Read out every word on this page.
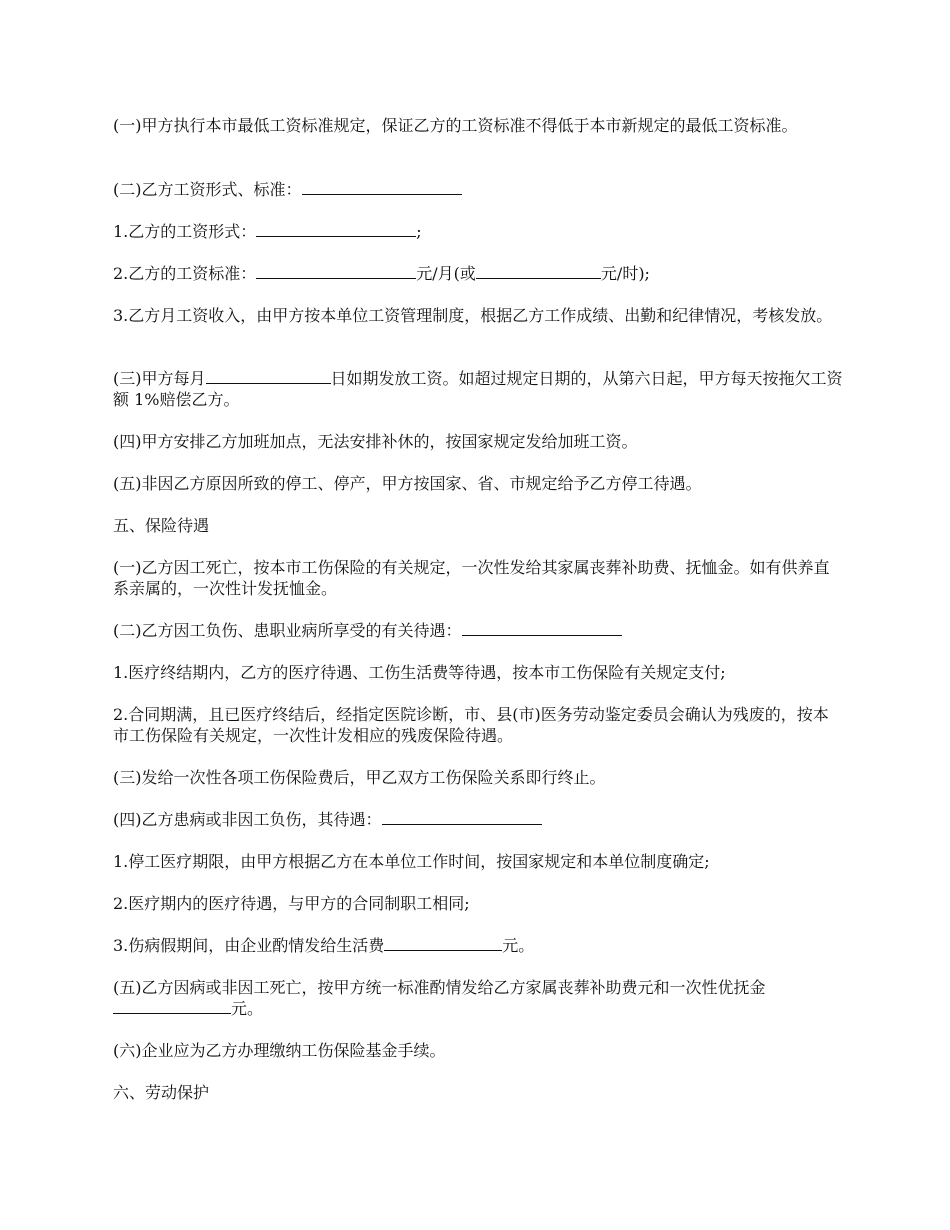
(一)甲方执行本市最低工资标准规定，保证乙方的工资标准不得低于本市新规定的最低工资标准。

(二)乙方工资形式、标准：

1.乙方的工资形式：	;

2.乙方的工资标准：	元/月(或	元/时);

3.乙方月工资收入，由甲方按本单位工资管理制度，根据乙方工作成绩、出勤和纪律情况，考核发放。

(三)甲方每月	日如期发放工资。如超过规定日期的，从第六日起，甲方每天按拖欠工资额 1%赔偿乙方。

(四)甲方安排乙方加班加点，无法安排补休的，按国家规定发给加班工资。

(五)非因乙方原因所致的停工、停产，甲方按国家、省、市规定给予乙方停工待遇。

五、保险待遇

(一)乙方因工死亡，按本市工伤保险的有关规定，一次性发给其家属丧葬补助费、抚恤金。如有供养直系亲属的，一次性计发抚恤金。

(二)乙方因工负伤、患职业病所享受的有关待遇：

1.医疗终结期内，乙方的医疗待遇、工伤生活费等待遇，按本市工伤保险有关规定支付;

2.合同期满，且已医疗终结后，经指定医院诊断，市、县(市)医务劳动鉴定委员会确认为残废的，按本市工伤保险有关规定，一次性计发相应的残废保险待遇。

(三)发给一次性各项工伤保险费后，甲乙双方工伤保险关系即行终止。

(四)乙方患病或非因工负伤，其待遇：

1.停工医疗期限，由甲方根据乙方在本单位工作时间，按国家规定和本单位制度确定;

2.医疗期内的医疗待遇，与甲方的合同制职工相同;

3.伤病假期间，由企业酌情发给生活费	元。

(五)乙方因病或非因工死亡，按甲方统一标准酌情发给乙方家属丧葬补助费元和一次性优抚金元。

(六)企业应为乙方办理缴纳工伤保险基金手续。

六、劳动保护
